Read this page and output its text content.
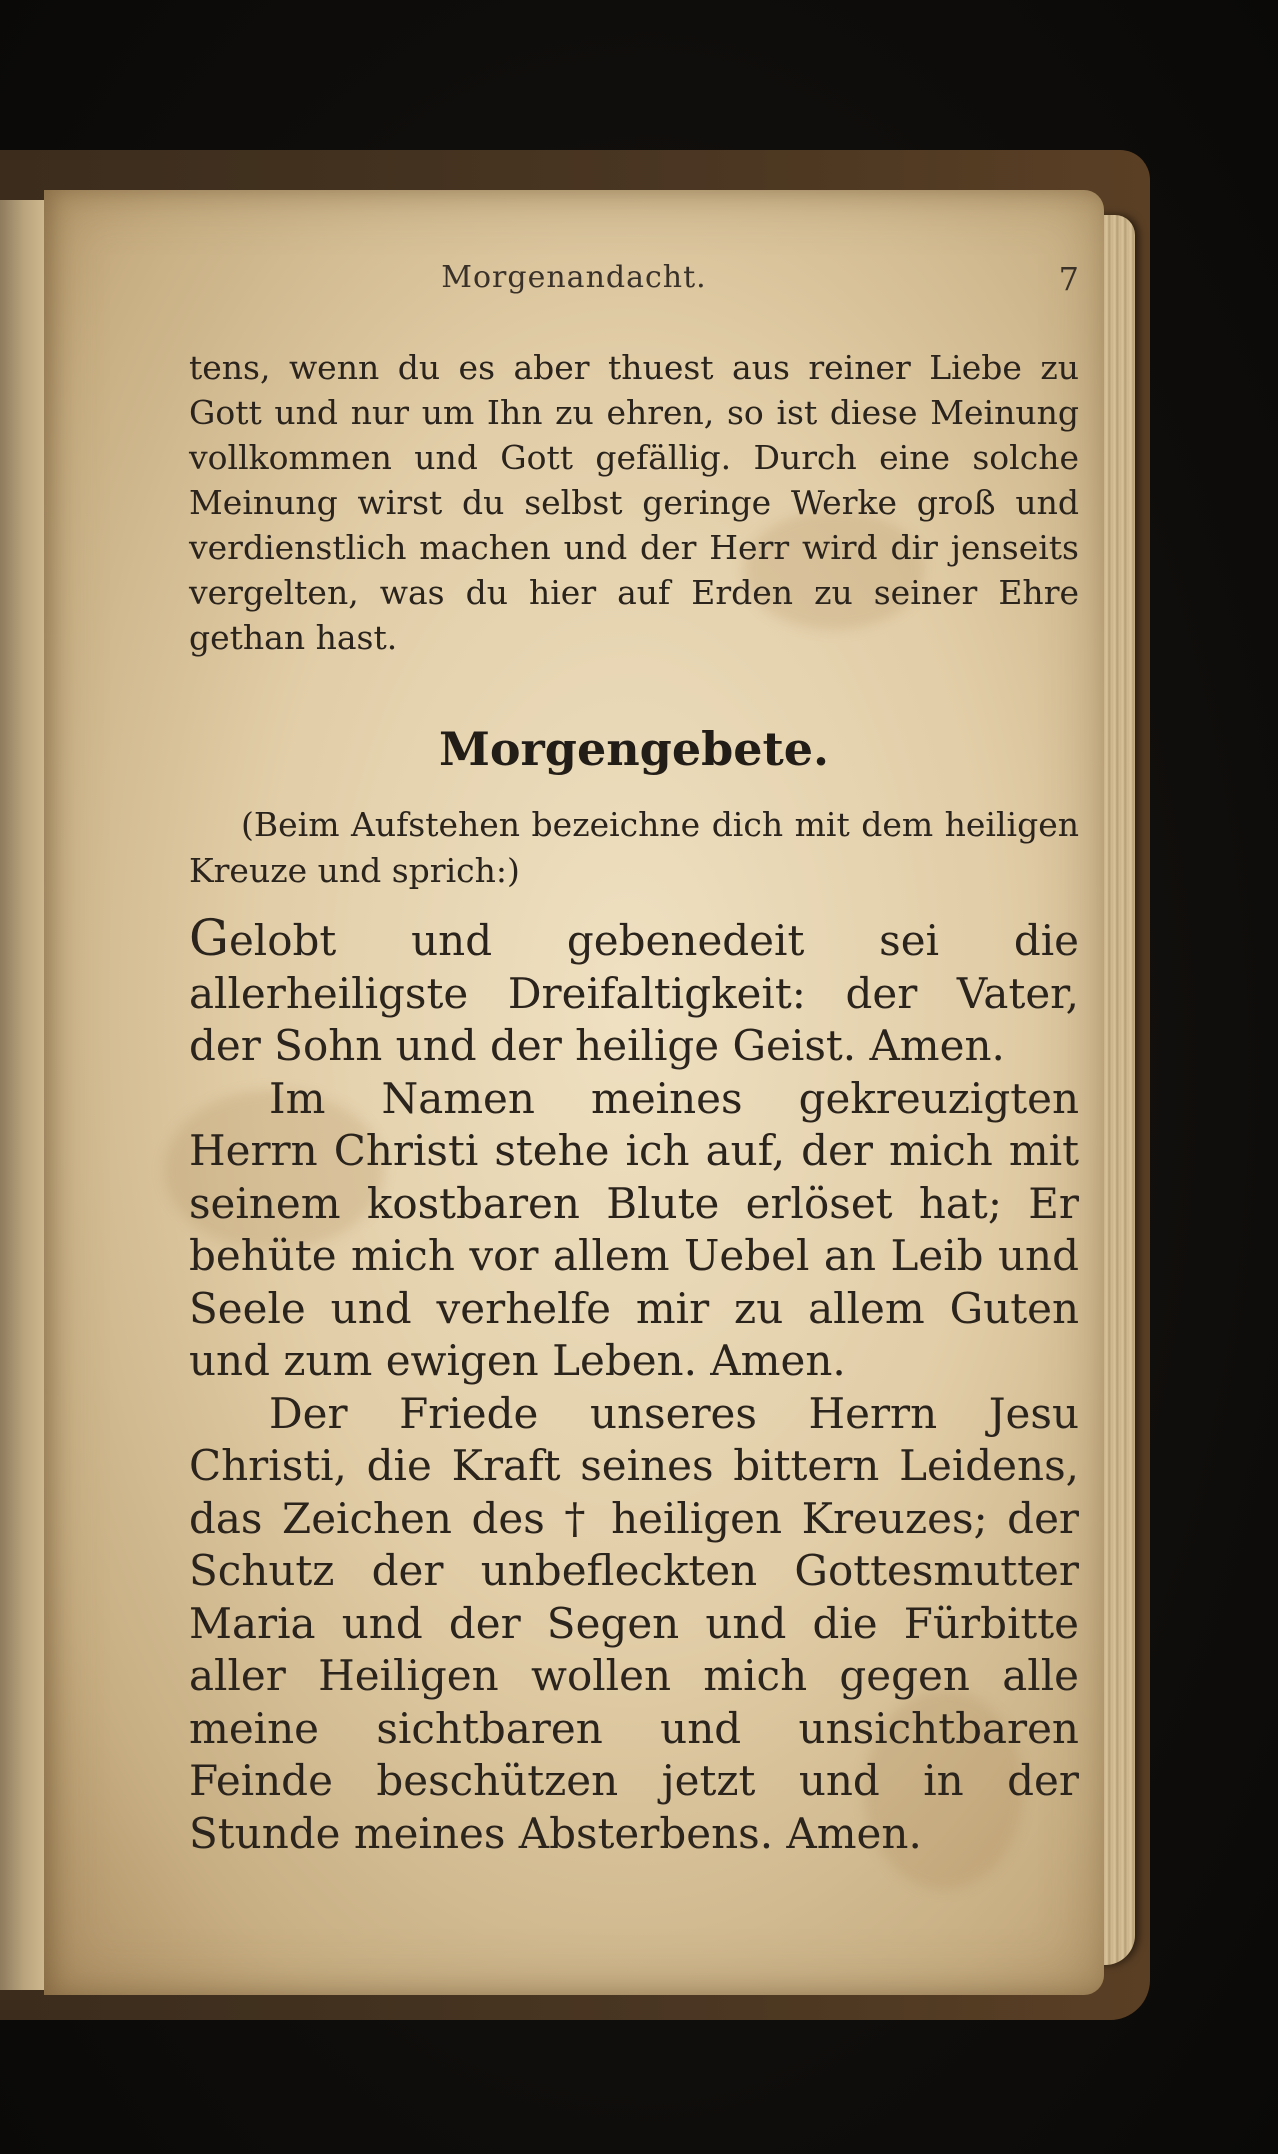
Morgenandacht.	7
tens, wenn du es aber thuest aus reiner Liebe zu Gott und nur um Ihn zu ehren, so ist diese Meinung vollkommen und Gott gefällig. Durch eine solche Meinung wirst du selbst geringe Werke groß und verdienstlich machen und der Herr wird dir jenseits vergelten, was du hier auf Erden zu seiner Ehre gethan hast.
Morgengebete.
(Beim Aufstehen bezeichne dich mit dem heiligen Kreuze und sprich:)

Gelobt und gebenedeit sei die allerheiligste Dreifaltigkeit: der Vater, der Sohn und der heilige Geist. Amen.

Im Namen meines gekreuzigten Herrn Christi stehe ich auf, der mich mit seinem kostbaren Blute erlöset hat; Er behüte mich vor allem Uebel an Leib und Seele und verhelfe mir zu allem Guten und zum ewigen Leben. Amen.

Der Friede unseres Herrn Jesu Christi, die Kraft seines bittern Leidens, das Zeichen des † heiligen Kreuzes; der Schutz der unbefleckten Gottesmutter Maria und der Segen und die Fürbitte aller Heiligen wollen mich gegen alle meine sichtbaren und unsichtbaren Feinde beschützen jetzt und in der Stunde meines Absterbens. Amen.
